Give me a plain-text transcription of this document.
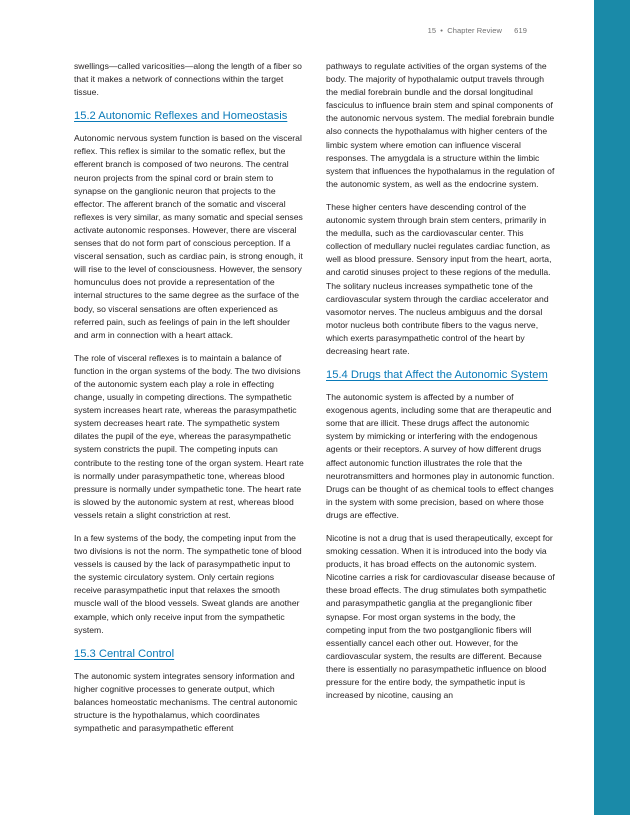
15 • Chapter Review 619

swellings—called varicosities—along the length of a fiber so that it makes a network of connections within the target tissue.

15.2 Autonomic Reflexes and Homeostasis

Autonomic nervous system function is based on the visceral reflex. This reflex is similar to the somatic reflex, but the efferent branch is composed of two neurons. The central neuron projects from the spinal cord or brain stem to synapse on the ganglionic neuron that projects to the effector. The afferent branch of the somatic and visceral reflexes is very similar, as many somatic and special senses activate autonomic responses. However, there are visceral senses that do not form part of conscious perception. If a visceral sensation, such as cardiac pain, is strong enough, it will rise to the level of consciousness. However, the sensory homunculus does not provide a representation of the internal structures to the same degree as the surface of the body, so visceral sensations are often experienced as referred pain, such as feelings of pain in the left shoulder and arm in connection with a heart attack.

The role of visceral reflexes is to maintain a balance of function in the organ systems of the body. The two divisions of the autonomic system each play a role in effecting change, usually in competing directions. The sympathetic system increases heart rate, whereas the parasympathetic system decreases heart rate. The sympathetic system dilates the pupil of the eye, whereas the parasympathetic system constricts the pupil. The competing inputs can contribute to the resting tone of the organ system. Heart rate is normally under parasympathetic tone, whereas blood pressure is normally under sympathetic tone. The heart rate is slowed by the autonomic system at rest, whereas blood vessels retain a slight constriction at rest.

In a few systems of the body, the competing input from the two divisions is not the norm. The sympathetic tone of blood vessels is caused by the lack of parasympathetic input to the systemic circulatory system. Only certain regions receive parasympathetic input that relaxes the smooth muscle wall of the blood vessels. Sweat glands are another example, which only receive input from the sympathetic system.

15.3 Central Control

The autonomic system integrates sensory information and higher cognitive processes to generate output, which balances homeostatic mechanisms. The central autonomic structure is the hypothalamus, which coordinates sympathetic and parasympathetic efferent

pathways to regulate activities of the organ systems of the body. The majority of hypothalamic output travels through the medial forebrain bundle and the dorsal longitudinal fasciculus to influence brain stem and spinal components of the autonomic nervous system. The medial forebrain bundle also connects the hypothalamus with higher centers of the limbic system where emotion can influence visceral responses. The amygdala is a structure within the limbic system that influences the hypothalamus in the regulation of the autonomic system, as well as the endocrine system.

These higher centers have descending control of the autonomic system through brain stem centers, primarily in the medulla, such as the cardiovascular center. This collection of medullary nuclei regulates cardiac function, as well as blood pressure. Sensory input from the heart, aorta, and carotid sinuses project to these regions of the medulla. The solitary nucleus increases sympathetic tone of the cardiovascular system through the cardiac accelerator and vasomotor nerves. The nucleus ambiguus and the dorsal motor nucleus both contribute fibers to the vagus nerve, which exerts parasympathetic control of the heart by decreasing heart rate.

15.4 Drugs that Affect the Autonomic System

The autonomic system is affected by a number of exogenous agents, including some that are therapeutic and some that are illicit. These drugs affect the autonomic system by mimicking or interfering with the endogenous agents or their receptors. A survey of how different drugs affect autonomic function illustrates the role that the neurotransmitters and hormones play in autonomic function. Drugs can be thought of as chemical tools to effect changes in the system with some precision, based on where those drugs are effective.

Nicotine is not a drug that is used therapeutically, except for smoking cessation. When it is introduced into the body via products, it has broad effects on the autonomic system. Nicotine carries a risk for cardiovascular disease because of these broad effects. The drug stimulates both sympathetic and parasympathetic ganglia at the preganglionic fiber synapse. For most organ systems in the body, the competing input from the two postganglionic fibers will essentially cancel each other out. However, for the cardiovascular system, the results are different. Because there is essentially no parasympathetic influence on blood pressure for the entire body, the sympathetic input is increased by nicotine, causing an
